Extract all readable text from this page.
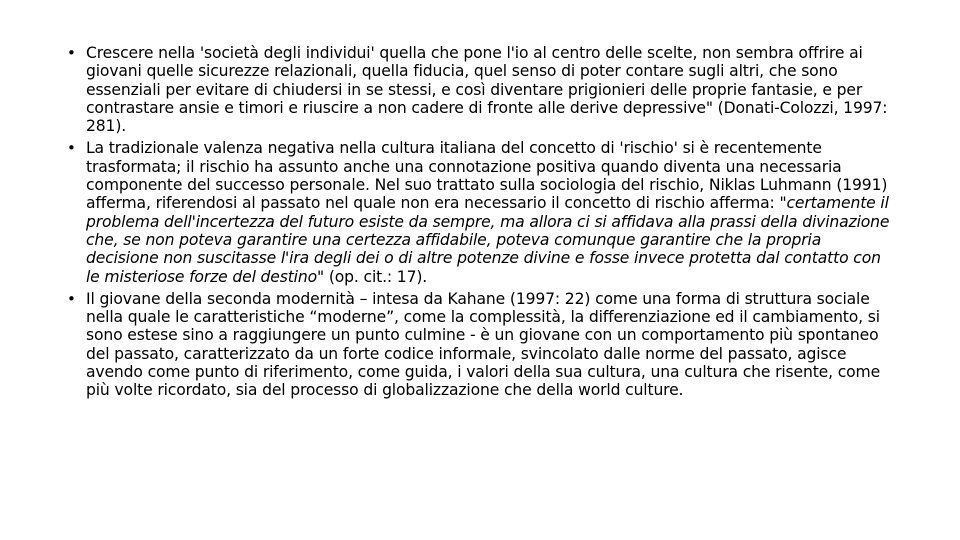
• Crescere nella 'società degli individui' quella che pone l'io al centro delle scelte, non sembra offrire ai giovani quelle sicurezze relazionali, quella fiducia, quel senso di poter contare sugli altri, che sono essenziali per evitare di chiudersi in se stessi, e così diventare prigionieri delle proprie fantasie, e per contrastare ansie e timori e riuscire a non cadere di fronte alle derive depressive" (Donati-Colozzi, 1997: 281).
• La tradizionale valenza negativa nella cultura italiana del concetto di 'rischio' si è recentemente trasformata; il rischio ha assunto anche una connotazione positiva quando diventa una necessaria componente del successo personale. Nel suo trattato sulla sociologia del rischio, Niklas Luhmann (1991) afferma, riferendosi al passato nel quale non era necessario il concetto di rischio afferma: "certamente il problema dell'incertezza del futuro esiste da sempre, ma allora ci si affidava alla prassi della divinazione che, se non poteva garantire una certezza affidabile, poteva comunque garantire che la propria decisione non suscitasse l'ira degli dei o di altre potenze divine e fosse invece protetta dal contatto con le misteriose forze del destino" (op. cit.: 17).
• Il giovane della seconda modernità – intesa da Kahane (1997: 22) come una forma di struttura sociale nella quale le caratteristiche “moderne”, come la complessità, la differenziazione ed il cambiamento, si sono estese sino a raggiungere un punto culmine - è un giovane con un comportamento più spontaneo del passato, caratterizzato da un forte codice informale, svincolato dalle norme del passato, agisce avendo come punto di riferimento, come guida, i valori della sua cultura, una cultura che risente, come più volte ricordato, sia del processo di globalizzazione che della world culture.
